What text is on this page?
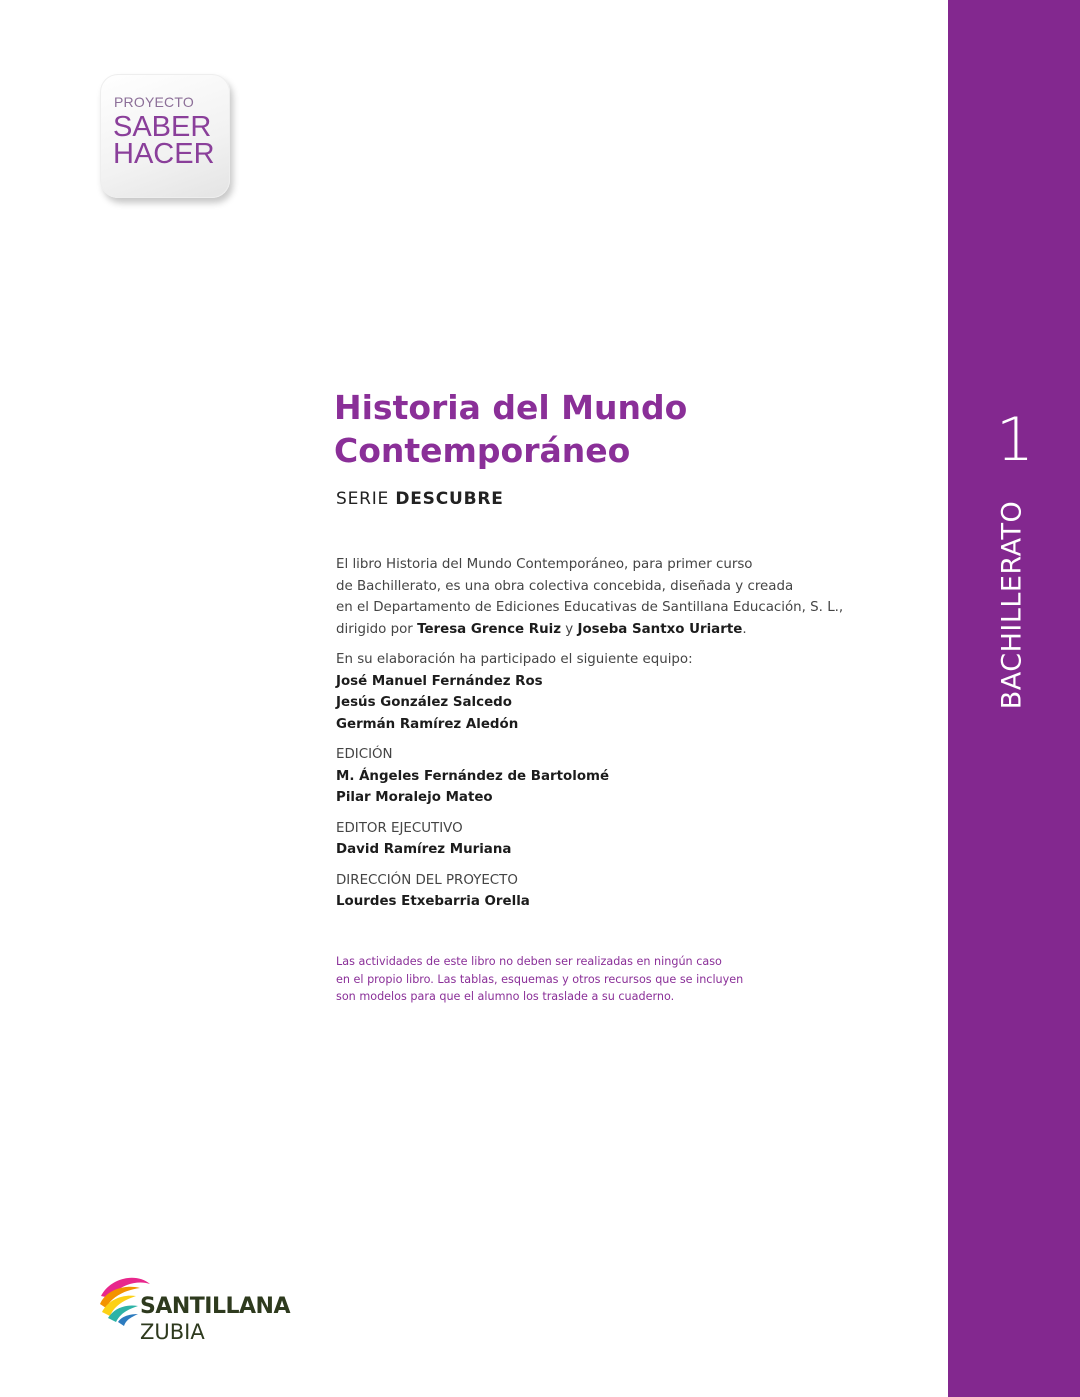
PROYECTO
SABER
HACER
1
BACHILLERATO
Historia del Mundo
Contemporáneo
SERIE DESCUBRE
El libro Historia del Mundo Contemporáneo, para primer curso
de Bachillerato, es una obra colectiva concebida, diseñada y creada
en el Departamento de Ediciones Educativas de Santillana Educación, S. L.,
dirigido por Teresa Grence Ruiz y Joseba Santxo Uriarte.
En su elaboración ha participado el siguiente equipo:
José Manuel Fernández Ros
Jesús González Salcedo
Germán Ramírez Aledón
EDICIÓN
M. Ángeles Fernández de Bartolomé
Pilar Moralejo Mateo
EDITOR EJECUTIVO
David Ramírez Muriana
DIRECCIÓN DEL PROYECTO
Lourdes Etxebarria Orella
Las actividades de este libro no deben ser realizadas en ningún caso
en el propio libro. Las tablas, esquemas y otros recursos que se incluyen
son modelos para que el alumno los traslade a su cuaderno.
SANTILLANA
ZUBIA
